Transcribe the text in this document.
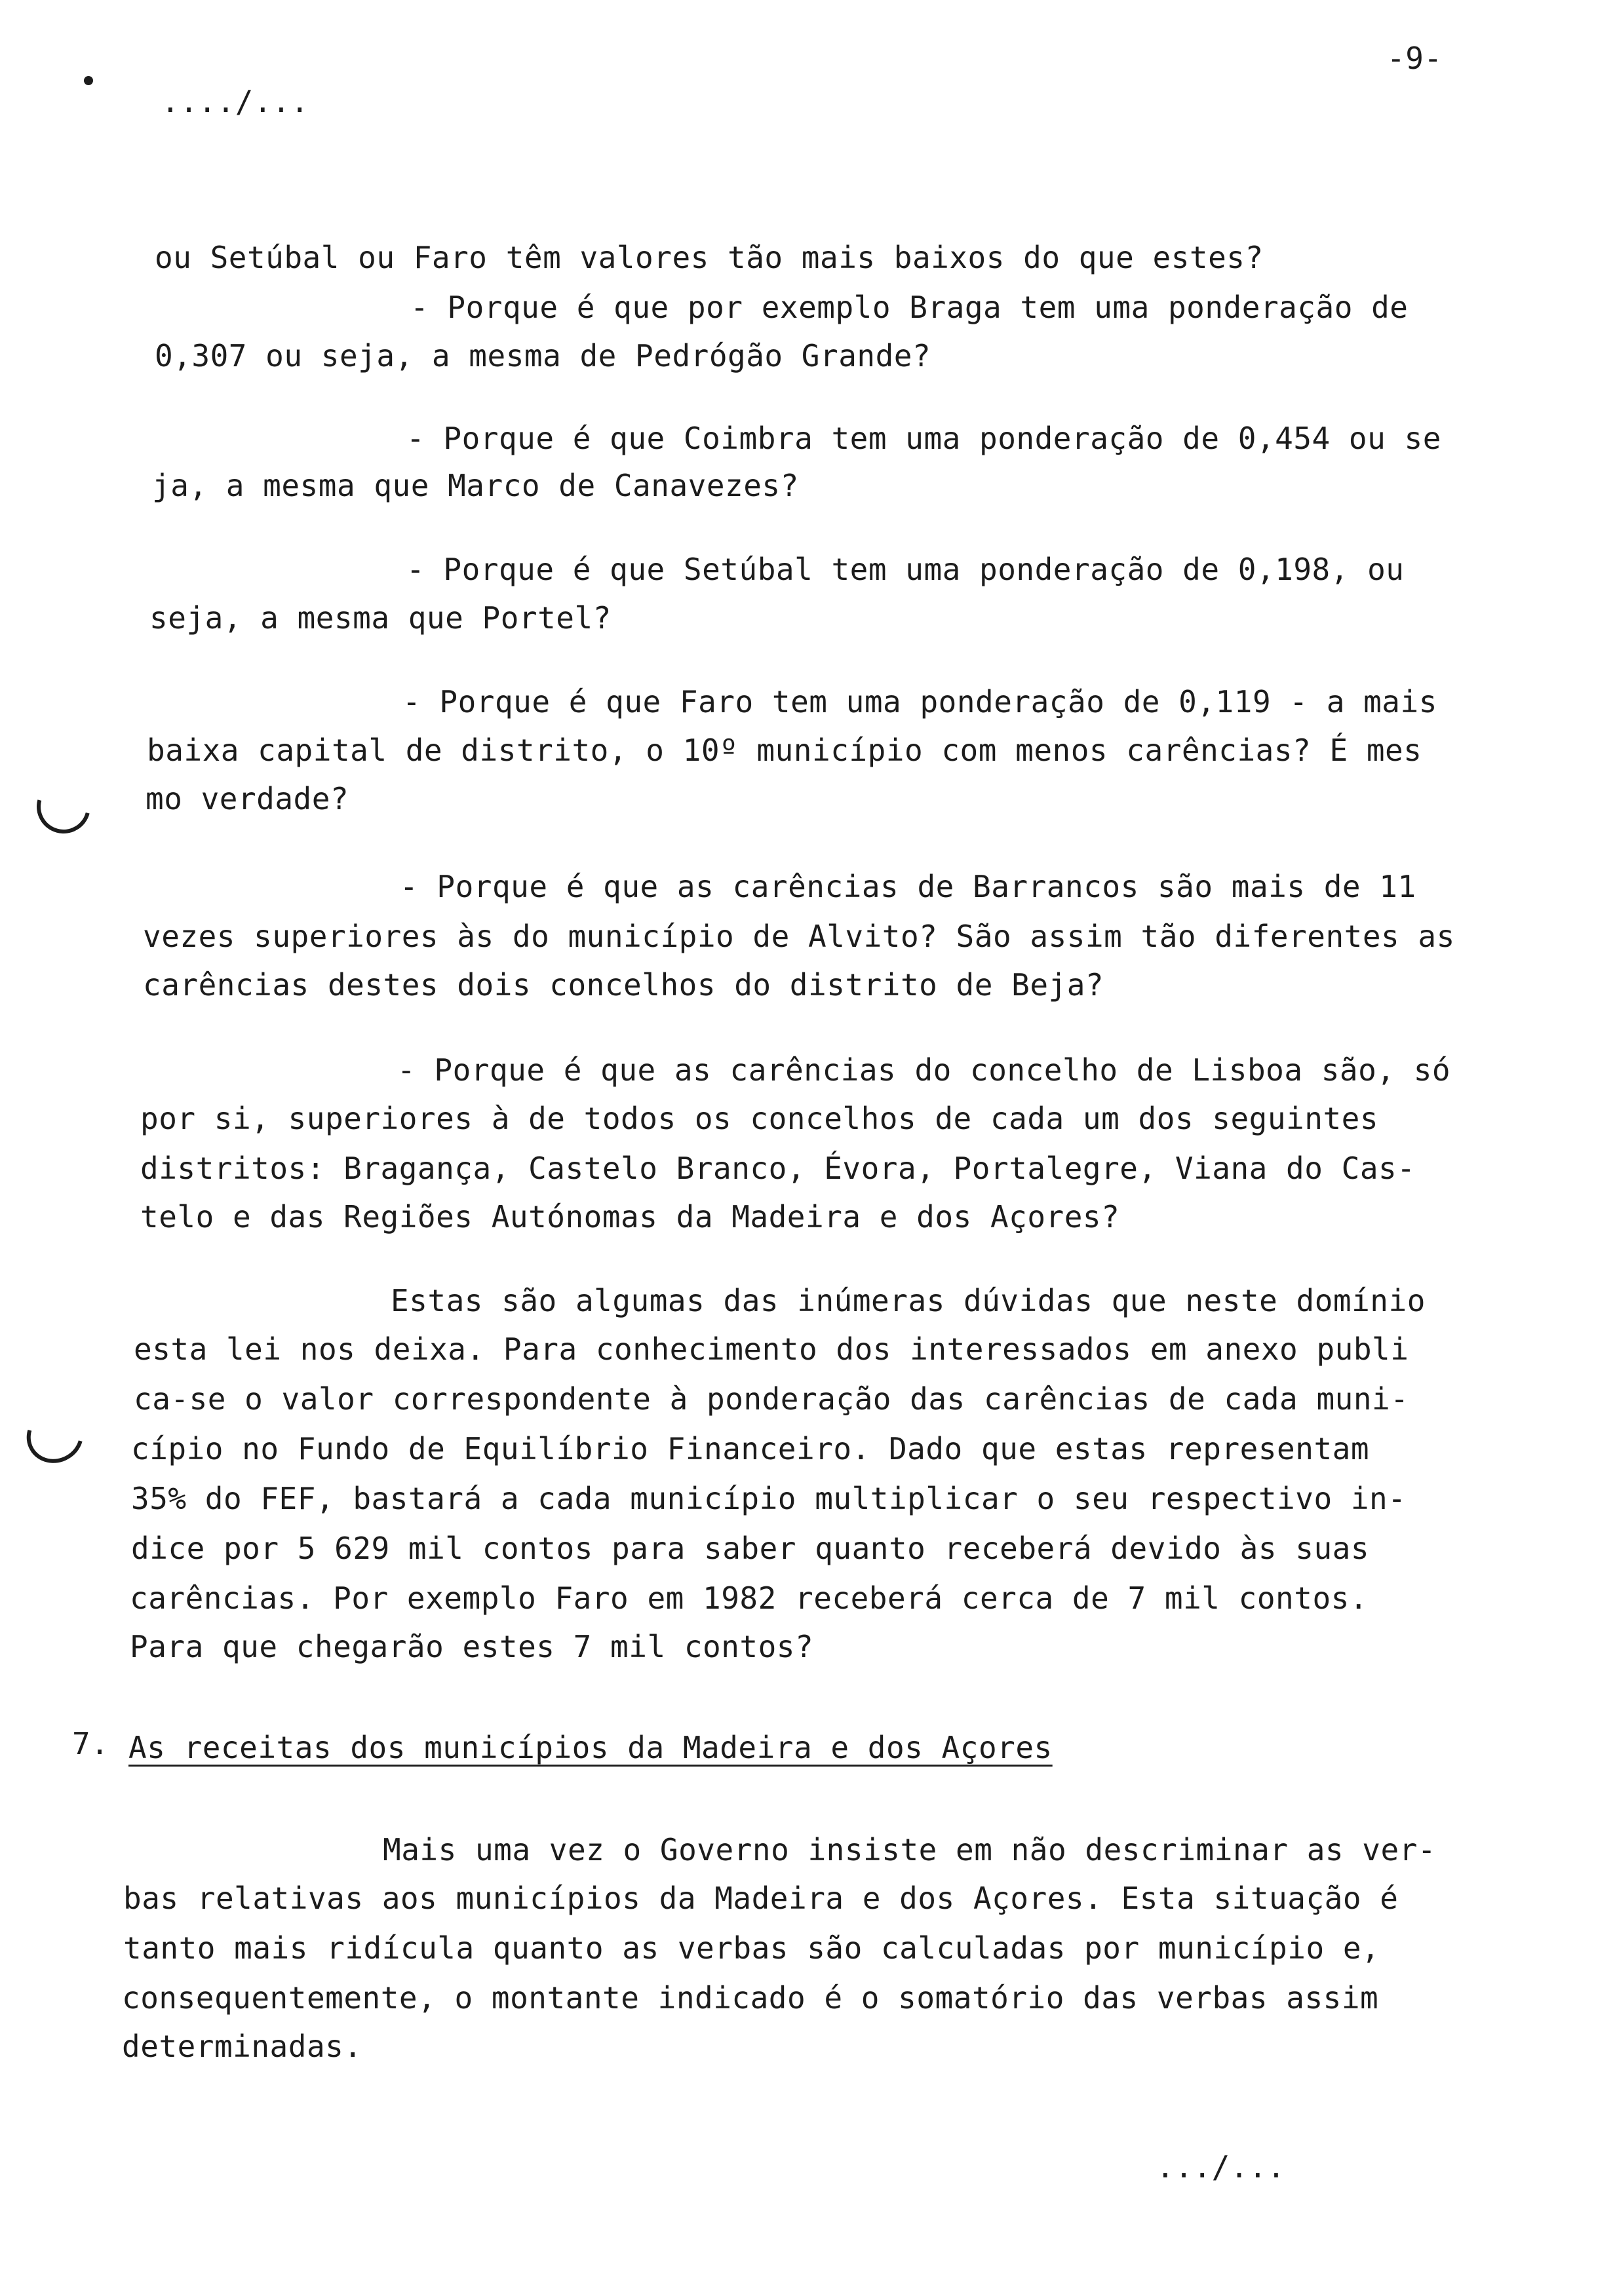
..../...
-9-
ou Setúbal ou Faro têm valores tão mais baixos do que estes?
- Porque é que por exemplo Braga tem uma ponderação de
0,307 ou seja, a mesma de Pedrógão Grande?
- Porque é que Coimbra tem uma ponderação de 0,454 ou se
ja, a mesma que Marco de Canavezes?
- Porque é que Setúbal tem uma ponderação de 0,198, ou
seja, a mesma que Portel?
- Porque é que Faro tem uma ponderação de 0,119 - a mais
baixa capital de distrito, o 10º município com menos carências? É mes
mo verdade?
- Porque é que as carências de Barrancos são mais de 11
vezes superiores às do município de Alvito? São assim tão diferentes as
carências destes dois concelhos do distrito de Beja?
- Porque é que as carências do concelho de Lisboa são, só
por si, superiores à de todos os concelhos de cada um dos seguintes
distritos: Bragança, Castelo Branco, Évora, Portalegre, Viana do Cas-
telo e das Regiões Autónomas da Madeira e dos Açores?
Estas são algumas das inúmeras dúvidas que neste domínio
esta lei nos deixa. Para conhecimento dos interessados em anexo publi
ca-se o valor correspondente à ponderação das carências de cada muni-
cípio no Fundo de Equilíbrio Financeiro. Dado que estas representam
35% do FEF, bastará a cada município multiplicar o seu respectivo in-
dice por 5 629 mil contos para saber quanto receberá devido às suas
carências. Por exemplo Faro em 1982 receberá cerca de 7 mil contos.
Para que chegarão estes 7 mil contos?
7. As receitas dos municípios da Madeira e dos Açores
Mais uma vez o Governo insiste em não descriminar as ver-
bas relativas aos municípios da Madeira e dos Açores. Esta situação é
tanto mais ridícula quanto as verbas são calculadas por município e,
consequentemente, o montante indicado é o somatório das verbas assim
determinadas.
.../...
